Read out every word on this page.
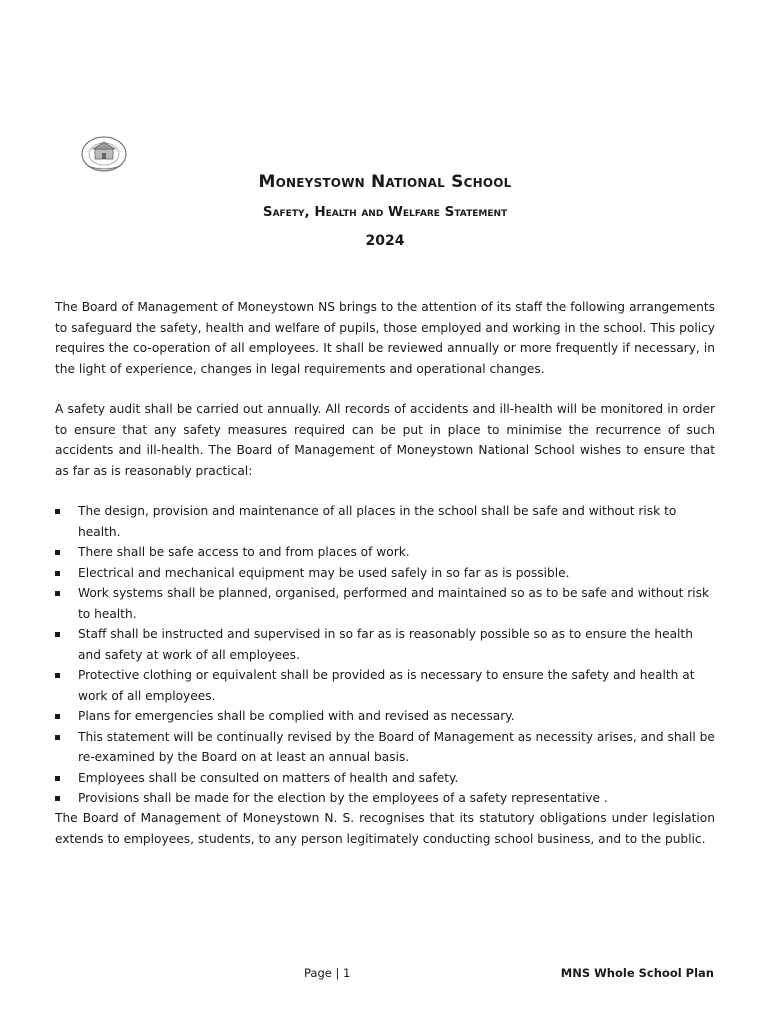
Moneystown National School
Safety, Health and Welfare Statement
2024

The Board of Management of Moneystown NS brings to the attention of its staff the following arrangements to safeguard the safety, health and welfare of pupils, those employed and working in the school. This policy requires the co-operation of all employees. It shall be reviewed annually or more frequently if necessary, in the light of experience, changes in legal requirements and operational changes.

A safety audit shall be carried out annually. All records of accidents and ill-health will be monitored in order to ensure that any safety measures required can be put in place to minimise the recurrence of such accidents and ill-health. The Board of Management of Moneystown National School wishes to ensure that as far as is reasonably practical:

The design, provision and maintenance of all places in the school shall be safe and without risk to health.
There shall be safe access to and from places of work.
Electrical and mechanical equipment may be used safely in so far as is possible.
Work systems shall be planned, organised, performed and maintained so as to be safe and without risk to health.
Staff shall be instructed and supervised in so far as is reasonably possible so as to ensure the health and safety at work of all employees.
Protective clothing or equivalent shall be provided as is necessary to ensure the safety and health at work of all employees.
Plans for emergencies shall be complied with and revised as necessary.
This statement will be continually revised by the Board of Management as necessity arises, and shall be re-examined by the Board on at least an annual basis.
Employees shall be consulted on matters of health and safety.
Provisions shall be made for the election by the employees of a safety representative .

The Board of Management of Moneystown N. S. recognises that its statutory obligations under legislation extends to employees, students, to any person legitimately conducting school business, and to the public.

Page | 1	MNS Whole School Plan
